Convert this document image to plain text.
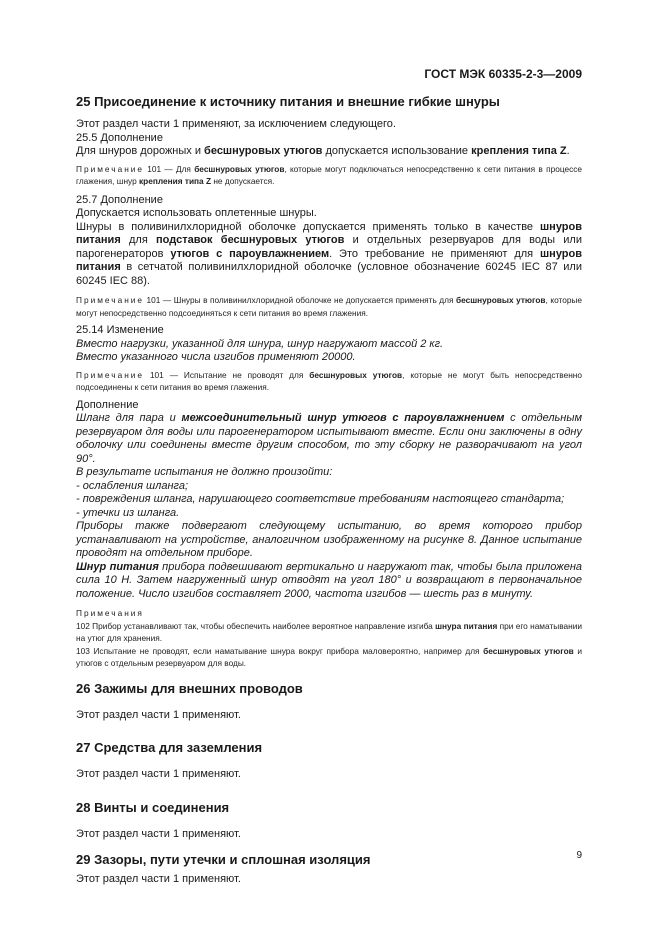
ГОСТ МЭК 60335-2-3—2009

25 Присоединение к источнику питания и внешние гибкие шнуры

Этот раздел части 1 применяют, за исключением следующего.

25.5 Дополнение

Для шнуров дорожных и бесшнуровых утюгов допускается использование крепления типа Z.

Примечание 101 — Для бесшнуровых утюгов, которые могут подключаться непосредственно к сети питания в процессе глажения, шнур крепления типа Z не допускается.

25.7 Дополнение

Допускается использовать оплетенные шнуры.

Шнуры в поливинилхлоридной оболочке допускается применять только в качестве шнуров питания для подставок бесшнуровых утюгов и отдельных резервуаров для воды или парогенераторов утюгов с пароувлажнением. Это требование не применяют для шнуров питания в сетчатой поливинилхлоридной оболочке (условное обозначение 60245 IEC 87 или 60245 IEC 88).

Примечание 101 — Шнуры в поливинилхлоридной оболочке не допускается применять для бесшнуровых утюгов, которые могут непосредственно подсоединяться к сети питания во время глажения.

25.14 Изменение

Вместо нагрузки, указанной для шнура, шнур нагружают массой 2 кг.

Вместо указанного числа изгибов применяют 20000.

Примечание 101 — Испытание не проводят для бесшнуровых утюгов, которые не могут быть непосредственно подсоединены к сети питания во время глажения.

Дополнение

Шланг для пара и межсоединительный шнур утюгов с пароувлажнением с отдельным резервуаром для воды или парогенератором испытывают вместе. Если они заключены в одну оболочку или соединены вместе другим способом, то эту сборку не разворачивают на угол 90°.

В результате испытания не должно произойти:

- ослабления шланга;

- повреждения шланга, нарушающего соответствие требованиям настоящего стандарта;

- утечки из шланга.

Приборы также подвергают следующему испытанию, во время которого прибор устанавливают на устройстве, аналогичном изображенному на рисунке 8. Данное испытание проводят на отдельном приборе.

Шнур питания прибора подвешивают вертикально и нагружают так, чтобы была приложена сила 10 Н. Затем нагруженный шнур отводят на угол 180° и возвращают в первоначальное положение. Число изгибов составляет 2000, частота изгибов — шесть раз в минуту.

Примечания

102 Прибор устанавливают так, чтобы обеспечить наиболее вероятное направление изгиба шнура питания при его наматывании на утюг для хранения.

103 Испытание не проводят, если наматывание шнура вокруг прибора маловероятно, например для бесшнуровых утюгов и утюгов с отдельным резервуаром для воды.

26 Зажимы для внешних проводов

Этот раздел части 1 применяют.

27 Средства для заземления

Этот раздел части 1 применяют.

28 Винты и соединения

Этот раздел части 1 применяют.

29 Зазоры, пути утечки и сплошная изоляция

Этот раздел части 1 применяют.

9
